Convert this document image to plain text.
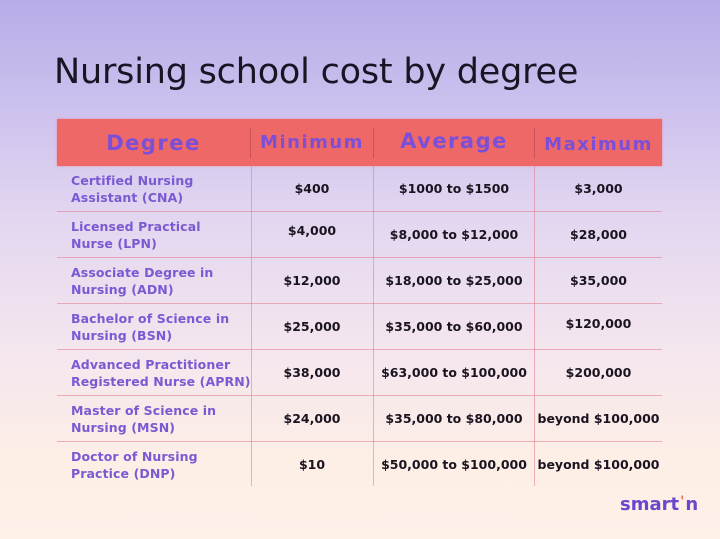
Nursing school cost by degree
Degree	Minimum	Average	Maximum
Certified Nursing
Assistant (CNA)
$400	$1000 to $1500	$3,000
Licensed Practical
Nurse (LPN)
$4,000	$8,000 to $12,000	$28,000
Associate Degree in
Nursing (ADN)
$12,000	$18,000 to $25,000	$35,000
Bachelor of Science in
Nursing (BSN)
$25,000	$35,000 to $60,000	$120,000
Advanced Practitioner
Registered Nurse (APRN)
$38,000	$63,000 to $100,000	$200,000
Master of Science in
Nursing (MSN)
$24,000	$35,000 to $80,000	beyond $100,000
Doctor of Nursing
Practice (DNP)
$10	$50,000 to $100,000 beyond $100,000
smart'n
